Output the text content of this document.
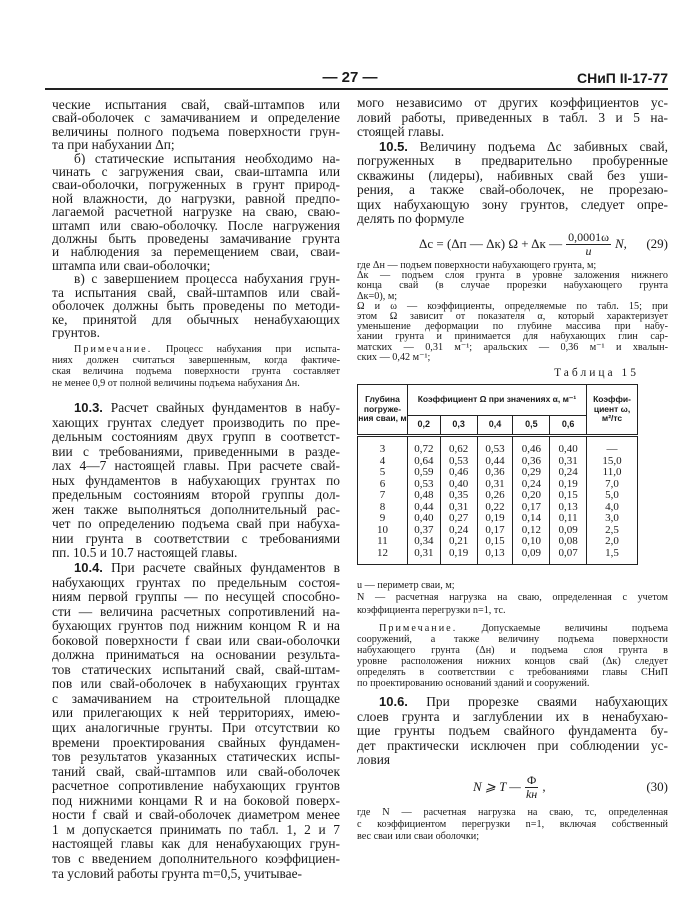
— 27 —	СНиП II-17-77
ческие испытания свай, свай-штампов или
свай-оболочек с замачиванием и определение
величины полного подъема поверхности грун-
та при набухании Δп;
б) статические испытания необходимо на-
чинать с загружения сваи, сваи-штампа или
сваи-оболочки, погруженных в грунт природ-
ной влажности, до нагрузки, равной предпо-
лагаемой расчетной нагрузке на сваю, сваю-
штамп или сваю-оболочку. После нагружения
должны быть проведены замачивание грунта
и наблюдения за перемещением сваи, сваи-
штампа или сваи-оболочки;
в) с завершением процесса набухания грун-
та испытания свай, свай-штампов или свай-
оболочек должны быть проведены по методи-
ке, принятой для обычных ненабухающих
грунтов.
Примечание. Процесс набухания при испыта-
ниях должен считаться завершенным, когда фактиче-
ская величина подъема поверхности грунта составляет
не менее 0,9 от полной величины подъема набухания Δн.
10.3. Расчет свайных фундаментов в набу-
хающих грунтах следует производить по пре-
дельным состояниям двух групп в соответст-
вии с требованиями, приведенными в разде-
лах 4—7 настоящей главы. При расчете свай-
ных фундаментов в набухающих грунтах по
предельным состояниям второй группы дол-
жен также выполняться дополнительный рас-
чет по определению подъема свай при набуха-
нии грунта в соответствии с требованиями
пп. 10.5 и 10.7 настоящей главы.
10.4. При расчете свайных фундаментов в
набухающих грунтах по предельным состоя-
ниям первой группы — по несущей способно-
сти — величина расчетных сопротивлений на-
бухающих грунтов под нижним концом R и на
боковой поверхности f сваи или сваи-оболочки
должна приниматься на основании результа-
тов статических испытаний свай, свай-штам-
пов или свай-оболочек в набухающих грунтах
с замачиванием на строительной площадке
или прилегающих к ней территориях, имею-
щих аналогичные грунты. При отсутствии ко
времени проектирования свайных фундамен-
тов результатов указанных статических испы-
таний свай, свай-штампов или свай-оболочек
расчетное сопротивление набухающих грунтов
под нижними концами R и на боковой поверх-
ности f свай и свай-оболочек диаметром менее
1 м допускается принимать по табл. 1, 2 и 7
настоящей главы как для ненабухающих грун-
тов с введением дополнительного коэффициен-
та условий работы грунта m=0,5, учитывае-
мого независимо от других коэффициентов ус-
ловий работы, приведенных в табл. 3 и 5 на-
стоящей главы.
10.5. Величину подъема Δс забивных свай,
погруженных в предварительно пробуренные
скважины (лидеры), набивных свай без уши-
рения, а также свай-оболочек, не прорезаю-
щих набухающую зону грунтов, следует опре-
делять по формуле
Δс = (Δп — Δк) Ω + Δк — $\frac{0,0001\omega}{u} N$, (29)
где Δн — подъем поверхности набухающего грунта, м;
Δк — подъем слоя грунта в уровне заложения нижнего
конца свай (в случае прорезки набухающего грунта
Δк=0), м;
Ω и ω — коэффициенты, определяемые по табл. 15; при
этом Ω зависит от показателя α, который характеризует
уменьшение деформации по глубине массива при набу-
хании грунта и принимается для набухающих глин сар-
матских — 0,31 м⁻¹; аральских — 0,36 м⁻¹ и хвалын-
ских — 0,42 м⁻¹;
Таблица 15
Глубина погруже-ния сваи, м	Коэффициент Ω при значениях α, м⁻¹					Коэффи-циент ω, м²/тс
	0,2	0,3	0,4	0,5	0,6	
3	0,72	0,62	0,53	0,46	0,40	—
4	0,64	0,53	0,44	0,36	0,31	15,0
5	0,59	0,46	0,36	0,29	0,24	11,0
6	0,53	0,40	0,31	0,24	0,19	7,0
7	0,48	0,35	0,26	0,20	0,15	5,0
8	0,44	0,31	0,22	0,17	0,13	4,0
9	0,40	0,27	0,19	0,14	0,11	3,0
10	0,37	0,24	0,17	0,12	0,09	2,5
11	0,34	0,21	0,15	0,10	0,08	2,0
12	0,31	0,19	0,13	0,09	0,07	1,5
u — периметр сваи, м;
N — расчетная нагрузка на сваю, определенная с учетом
коэффициента перегрузки n=1, тс.
Примечание. Допускаемые величины подъема
сооружений, а также величину подъема поверхности
набухающего грунта (Δн) и подъема слоя грунта в
уровне расположения нижних концов свай (Δк) следует
определять в соответствии с требованиями главы СНиП
по проектированию оснований зданий и сооружений.
10.6. При прорезке сваями набухающих
слоев грунта и заглублении их в ненабухаю-
щие грунты подъем свайного фундамента бу-
дет практически исключен при соблюдении ус-
ловия
N ⩾ T — $\frac{Ф}{kн}$ ,	(30)
где N — расчетная нагрузка на сваю, тс, определенная
с коэффициентом перегрузки n=1, включая собственный
вес сваи или сваи оболочки;
